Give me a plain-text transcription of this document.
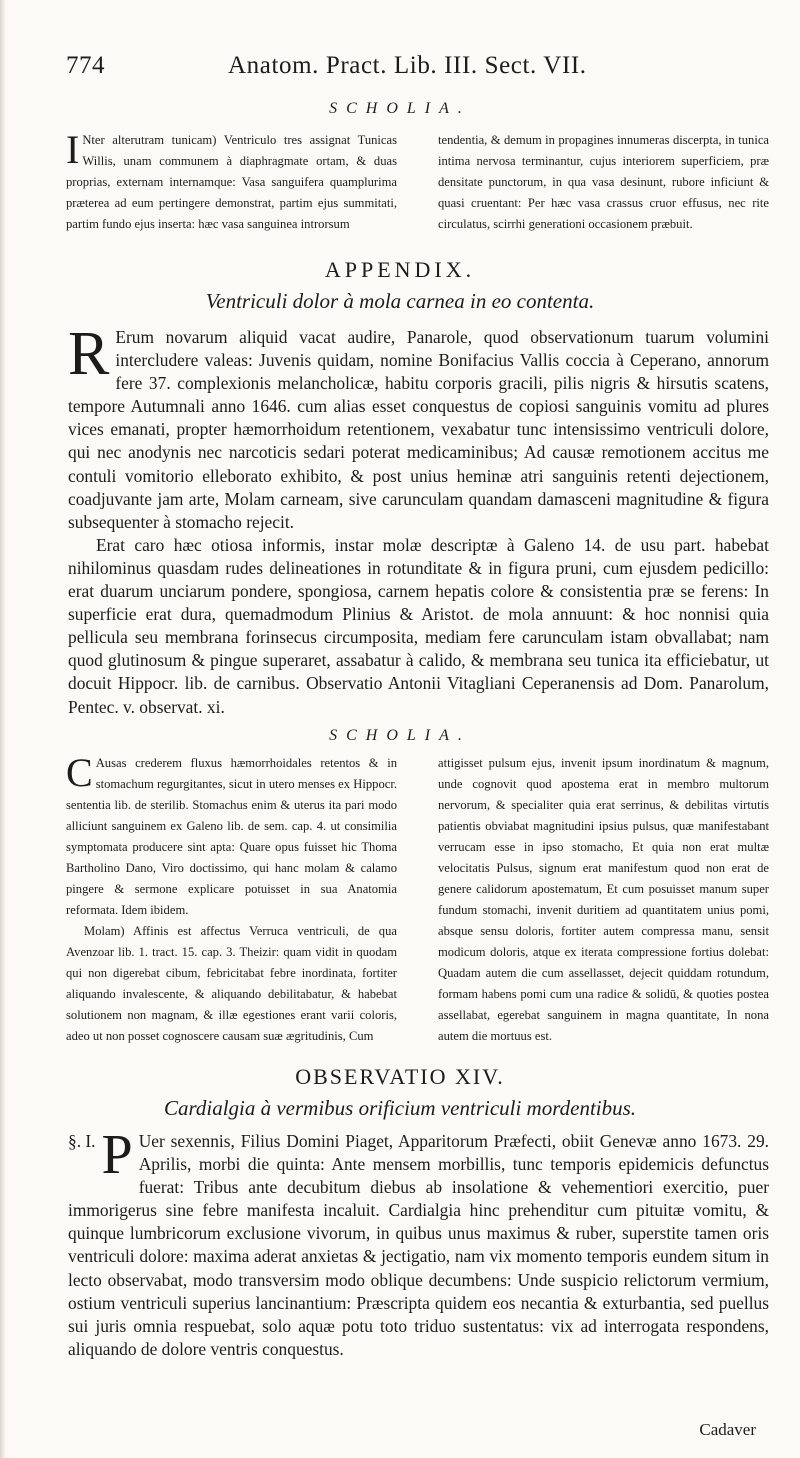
774	Anatom. Pract. Lib. III. Sect. VII.
SCHOLIA.
I Nter alterutram tunicam) Ventriculo tres assignat Tunicas Willis, unam communem à diaphragmate ortam, & duas proprias, externam internamque: Vasa sanguifera quamplurima præterea ad eum pertingere demonstrat, partim ejus summitati, partim fundo ejus inserta: hæc vasa sanguinea introrsum

tendentia, & demum in propagines innumeras discerpta, in tunica intima nervosa terminantur, cujus interiorem superficiem, præ densitate punctorum, in qua vasa desinunt, rubore inficiunt & quasi cruentant: Per hæc vasa crassus cruor effusus, nec rite circulatus, scirrhi generationi occasionem præbuit.

APPENDIX.
Ventriculi dolor à mola carnea in eo contenta.
R Erum novarum aliquid vacat audire, Panarole, quod observationum tuarum volumini intercludere valeas: Juvenis quidam, nomine Bonifacius Vallis coccia à Ceperano, annorum fere 37. complexionis melancholicæ, habitu corporis gracili, pilis nigris & hirsutis scatens, tempore Autumnali anno 1646. cum alias esset conquestus de copiosi sanguinis vomitu ad plures vices emanati, propter hæmorrhoidum retentionem, vexabatur tunc intensissimo ventriculi dolore, qui nec anodynis nec narcoticis sedari poterat medicaminibus; Ad causæ remotionem accitus me contuli vomitorio elleborato exhibito, & post unius heminæ atri sanguinis retenti dejectionem, coadjuvante jam arte, Molam carneam, sive carunculam quandam damasceni magnitudine & figura subsequenter à stomacho rejecit.

Erat caro hæc otiosa informis, instar molæ descriptæ à Galeno 14. de usu part. habebat nihilominus quasdam rudes delineationes in rotunditate & in figura pruni, cum ejusdem pedicillo: erat duarum unciarum pondere, spongiosa, carnem hepatis colore & consistentia præ se ferens: In superficie erat dura, quemadmodum Plinius & Aristot. de mola annuunt: & hoc nonnisi quia pellicula seu membrana forinsecus circumposita, mediam fere carunculam istam obvallabat; nam quod glutinosum & pingue superaret, assabatur à calido, & membrana seu tunica ita efficiebatur, ut docuit Hippocr. lib. de carnibus. Observatio Antonii Vitagliani Ceperanensis ad Dom. Panarolum, Pentec. v. observat. xi.

SCHOLIA.
C Ausas crederem fluxus hæmorrhoidales retentos & in stomachum regurgitantes, sicut in utero menses ex Hippocr. sententia lib. de sterilib. Stomachus enim & uterus ita pari modo alliciunt sanguinem ex Galeno lib. de sem. cap. 4. ut consimilia symptomata producere sint apta: Quare opus fuisset hic Thoma Bartholino Dano, Viro doctissimo, qui hanc molam & calamo pingere & sermone explicare potuisset in sua Anatomia reformata. Idem ibidem.

Molam) Affinis est affectus Verruca ventriculi, de qua Avenzoar lib. 1. tract. 15. cap. 3. Theizir: quam vidit in quodam qui non digerebat cibum, febricitabat febre inordinata, fortiter aliquando invalescente, & aliquando debilitabatur, & habebat solutionem non magnam, & illæ egestiones erant varii coloris, adeo ut non posset cognoscere causam suæ ægritudinis, Cum

attigisset pulsum ejus, invenit ipsum inordinatum & magnum, unde cognovit quod apostema erat in membro multorum nervorum, & specialiter quia erat serrinus, & debilitas virtutis patientis obviabat magnitudini ipsius pulsus, quæ manifestabant verrucam esse in ipso stomacho, Et quia non erat multæ velocitatis Pulsus, signum erat manifestum quod non erat de genere calidorum apostematum, Et cum posuisset manum super fundum stomachi, invenit duritiem ad quantitatem unius pomi, absque sensu doloris, fortiter autem compressa manu, sensit modicum doloris, atque ex iterata compressione fortius dolebat: Quadam autem die cum assellasset, dejecit quiddam rotundum, formam habens pomi cum una radice & solidū, & quoties postea assellabat, egerebat sanguinem in magna quantitate, In nona autem die mortuus est.

OBSERVATIO XIV.
Cardialgia à vermibus orificium ventriculi mordentibus.
§. I. P Uer sexennis, Filius Domini Piaget, Apparitorum Præfecti, obiit Genevæ anno 1673. 29. Aprilis, morbi die quinta: Ante mensem morbillis, tunc temporis epidemicis defunctus fuerat: Tribus ante decubitum diebus ab insolatione & vehementiori exercitio, puer immorigerus sine febre manifesta incaluit. Cardialgia hinc prehenditur cum pituitæ vomitu, & quinque lumbricorum exclusione vivorum, in quibus unus maximus & ruber, superstite tamen oris ventriculi dolore: maxima aderat anxietas & jectigatio, nam vix momento temporis eundem situm in lecto observabat, modo transversim modo oblique decumbens: Unde suspicio relictorum vermium, ostium ventriculi superius lancinantium: Præscripta quidem eos necantia & exturbantia, sed puellus sui juris omnia respuebat, solo aquæ potu toto triduo sustentatus: vix ad interrogata respondens, aliquando de dolore ventris conquestus.

Cadaver
